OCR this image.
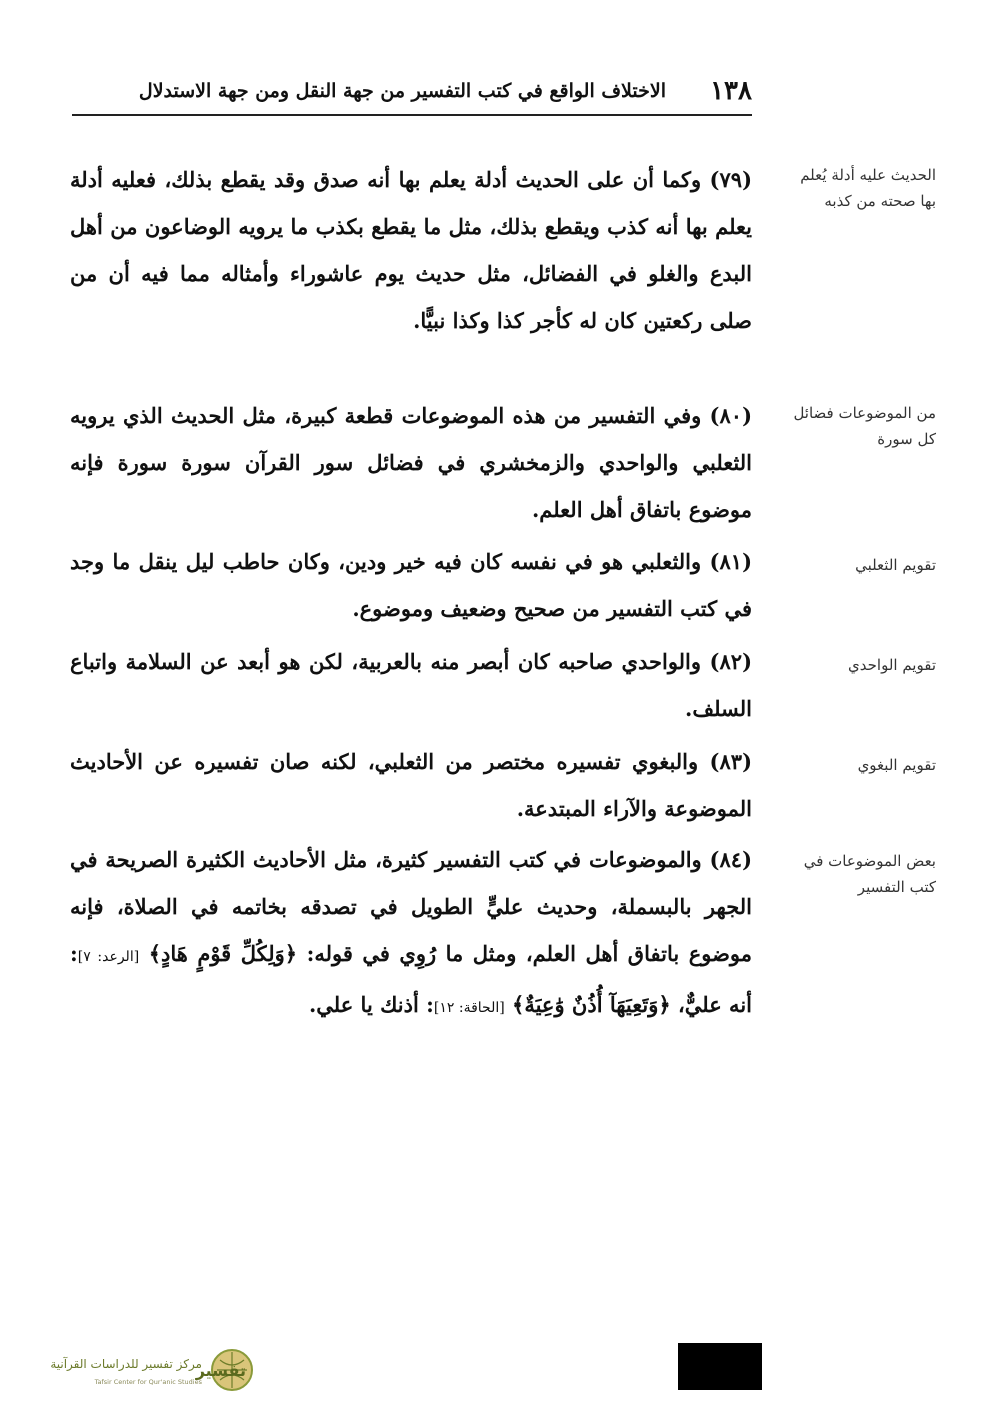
١٣٨
الاختلاف الواقع في كتب التفسير من جهة النقل ومن جهة الاستدلال
الحديث عليه أدلة يُعلم بها صحته من كذبه

(٧٩) وكما أن على الحديث أدلة يعلم بها أنه صدق وقد يقطع بذلك، فعليه أدلة يعلم بها أنه كذب ويقطع بذلك، مثل ما يقطع بكذب ما يرويه الوضاعون من أهل البدع والغلو في الفضائل، مثل حديث يوم عاشوراء وأمثاله مما فيه أن من صلى ركعتين كان له كأجر كذا وكذا نبيًّا.

من الموضوعات فضائل كل سورة

(٨٠) وفي التفسير من هذه الموضوعات قطعة كبيرة، مثل الحديث الذي يرويه الثعلبي والواحدي والزمخشري في فضائل سور القرآن سورة سورة فإنه موضوع باتفاق أهل العلم.

تقويم الثعلبي

(٨١) والثعلبي هو في نفسه كان فيه خير ودين، وكان حاطب ليل ينقل ما وجد في كتب التفسير من صحيح وضعيف وموضوع.

تقويم الواحدي

(٨٢) والواحدي صاحبه كان أبصر منه بالعربية، لكن هو أبعد عن السلامة واتباع السلف.

تقويم البغوي

(٨٣) والبغوي تفسيره مختصر من الثعلبي، لكنه صان تفسيره عن الأحاديث الموضوعة والآراء المبتدعة.

بعض الموضوعات في كتب التفسير

(٨٤) والموضوعات في كتب التفسير كثيرة، مثل الأحاديث الكثيرة الصريحة في الجهر بالبسملة، وحديث عليٍّ الطويل في تصدقه بخاتمه في الصلاة، فإنه موضوع باتفاق أهل العلم، ومثل ما رُوِي في قوله: ﴿وَلِكُلِّ قَوْمٍ هَادٍ﴾ [الرعد: ٧]: أنه عليٌّ، ﴿وَتَعِيَهَآ أُذُنٌ وَٰعِيَةٌ﴾ [الحاقة: ١٢]: أذنك يا علي.

تفسير
مركز تفسير للدراسات القرآنية
Tafsir Center for Qur'anic Studies
